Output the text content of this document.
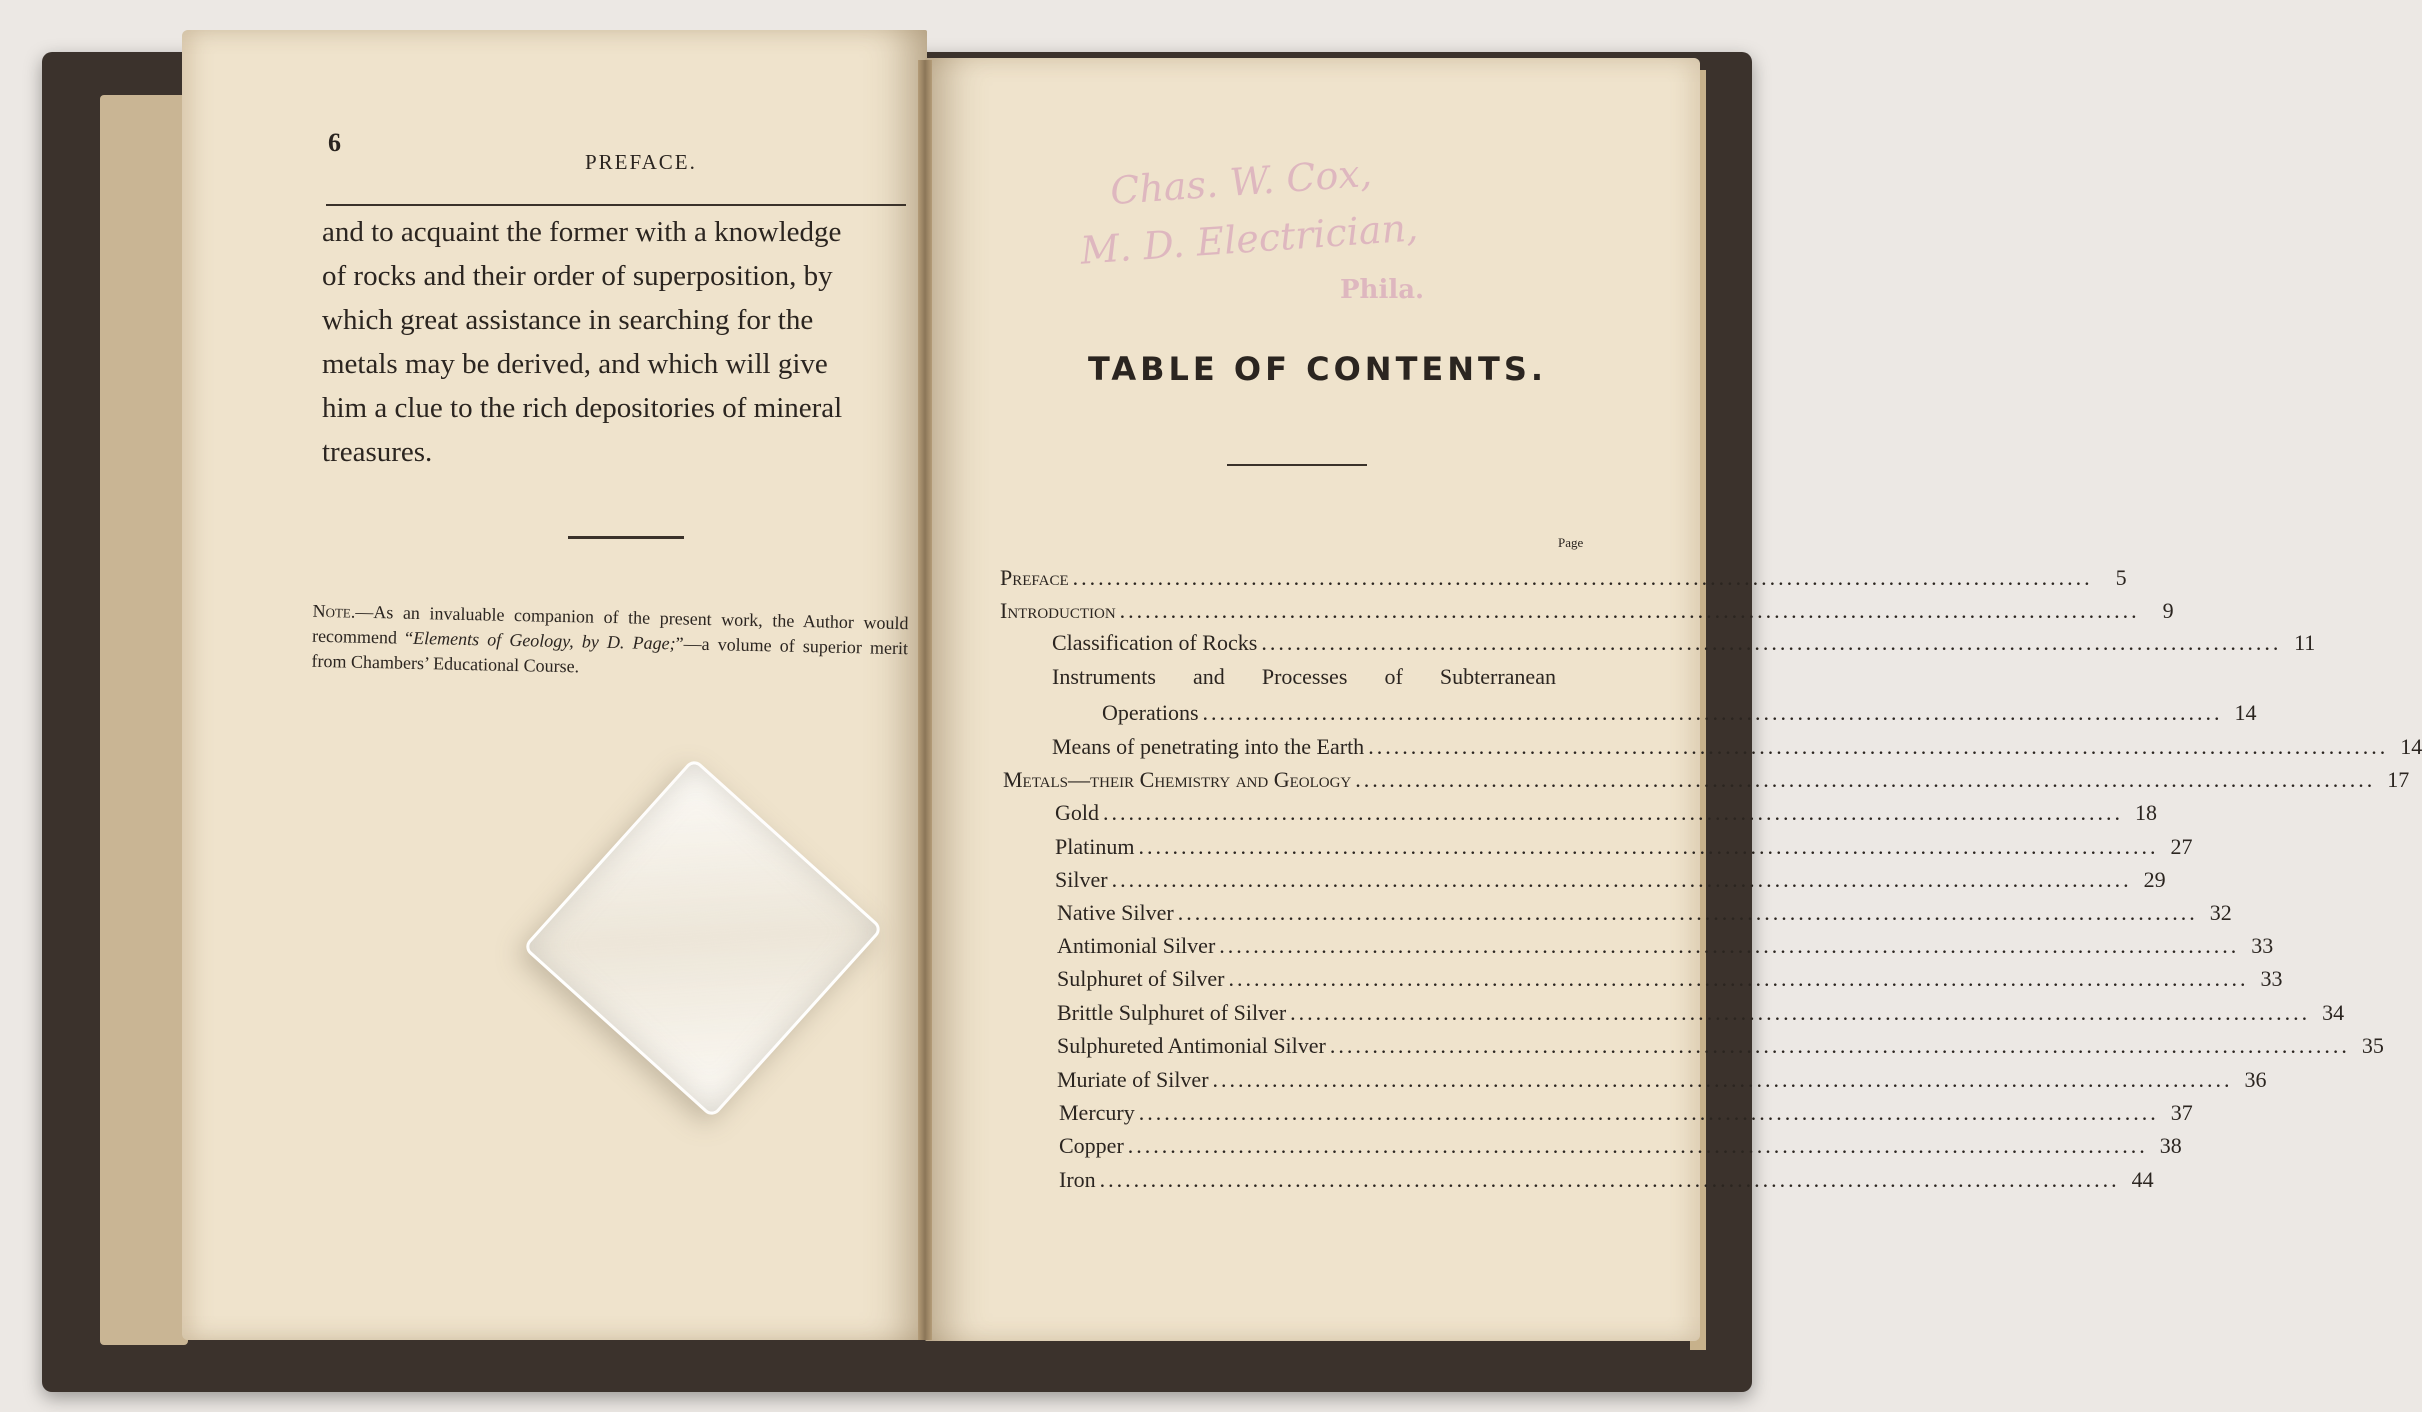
6
PREFACE.
and to acquaint the former with a knowledge
of rocks and their order of superposition, by
which great assistance in searching for the
metals may be derived, and which will give
him a clue to the rich depositories of mineral
treasures.
Note.—As an invaluable companion of the present work, the Author would recommend “Elements of Geology, by D. Page;”—a volume of superior merit from Chambers’ Educational Course.
Chas. W. Cox,
M. D. Electrician,
Phila.
TABLE OF CONTENTS.
Page
Preface ........................................................................................................................	5
Introduction ........................................................................................................................	9
Classification of Rocks ........................................................................................................................ 11
Instruments and Processes of Subterranean
Operations ........................................................................................................................ 14
Means of penetrating into the Earth ........................................................................................................................ 14
Metals—their Chemistry and Geology ........................................................................................................................ 17
Gold ........................................................................................................................ 18
Platinum ........................................................................................................................ 27
Silver ........................................................................................................................ 29
Native Silver ........................................................................................................................ 32
Antimonial Silver ........................................................................................................................ 33
Sulphuret of Silver ........................................................................................................................ 33
Brittle Sulphuret of Silver ........................................................................................................................ 34
Sulphureted Antimonial Silver ........................................................................................................................ 35
Muriate of Silver ........................................................................................................................ 36
Mercury ........................................................................................................................ 37
Copper ........................................................................................................................ 38
Iron ........................................................................................................................ 44
